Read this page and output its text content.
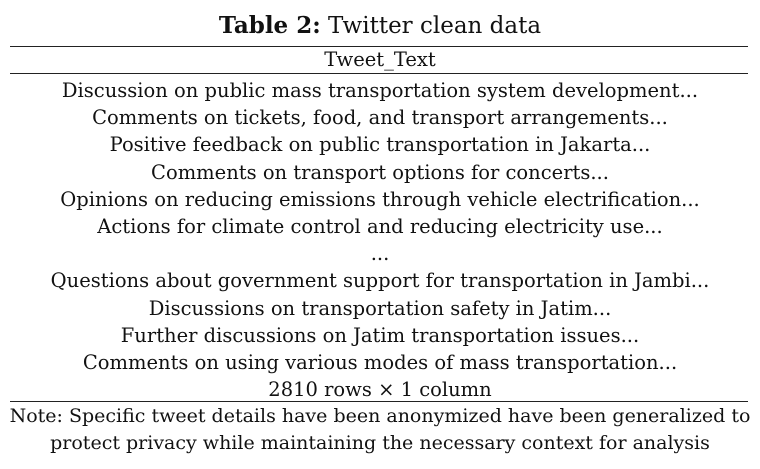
Table 2: Twitter clean data
Tweet_Text
Discussion on public mass transportation system development...
Comments on tickets, food, and transport arrangements...
Positive feedback on public transportation in Jakarta...
Comments on transport options for concerts...
Opinions on reducing emissions through vehicle electrification...
Actions for climate control and reducing electricity use...
...
Questions about government support for transportation in Jambi...
Discussions on transportation safety in Jatim...
Further discussions on Jatim transportation issues...
Comments on using various modes of mass transportation...
2810 rows × 1 column
Note: Specific tweet details have been anonymized have been generalized to
protect privacy while maintaining the necessary context for analysis
